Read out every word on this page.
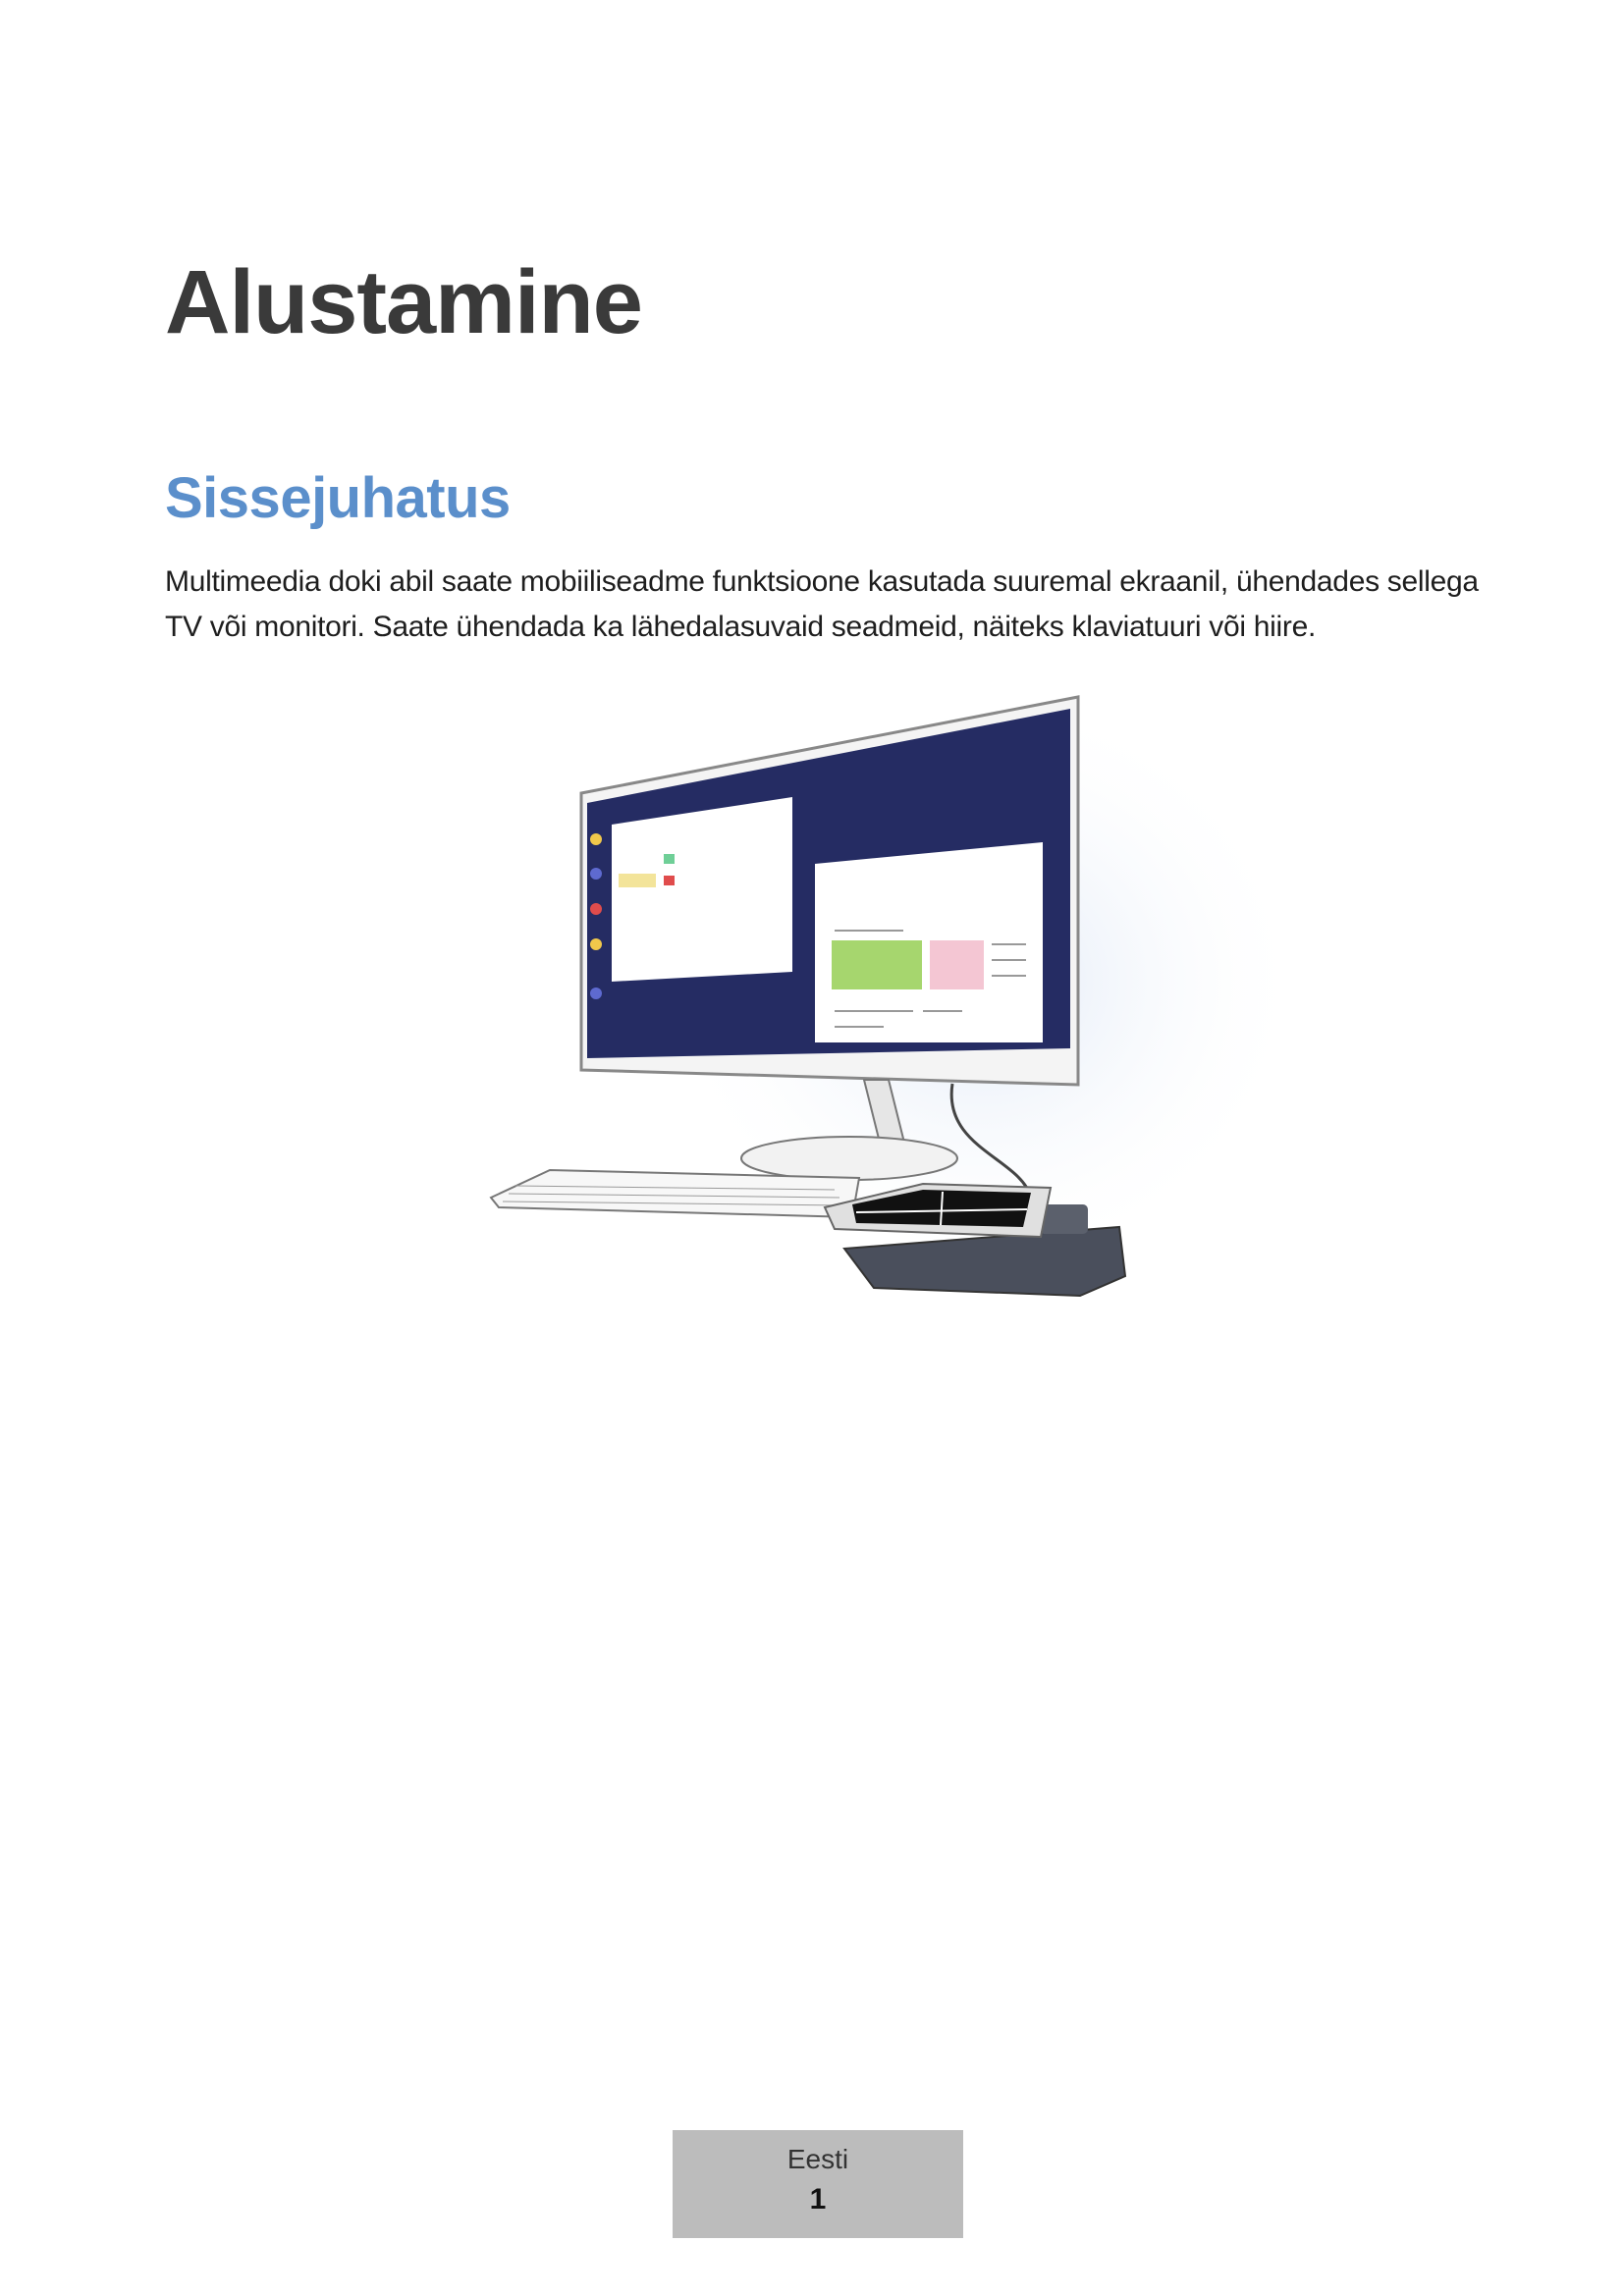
Alustamine
Sissejuhatus

Multimeedia doki abil saate mobiiliseadme funktsioone kasutada suuremal ekraanil, ühendades sellega TV või monitori. Saate ühendada ka lähedalasuvaid seadmeid, näiteks klaviatuuri või hiire.

Eesti
1
